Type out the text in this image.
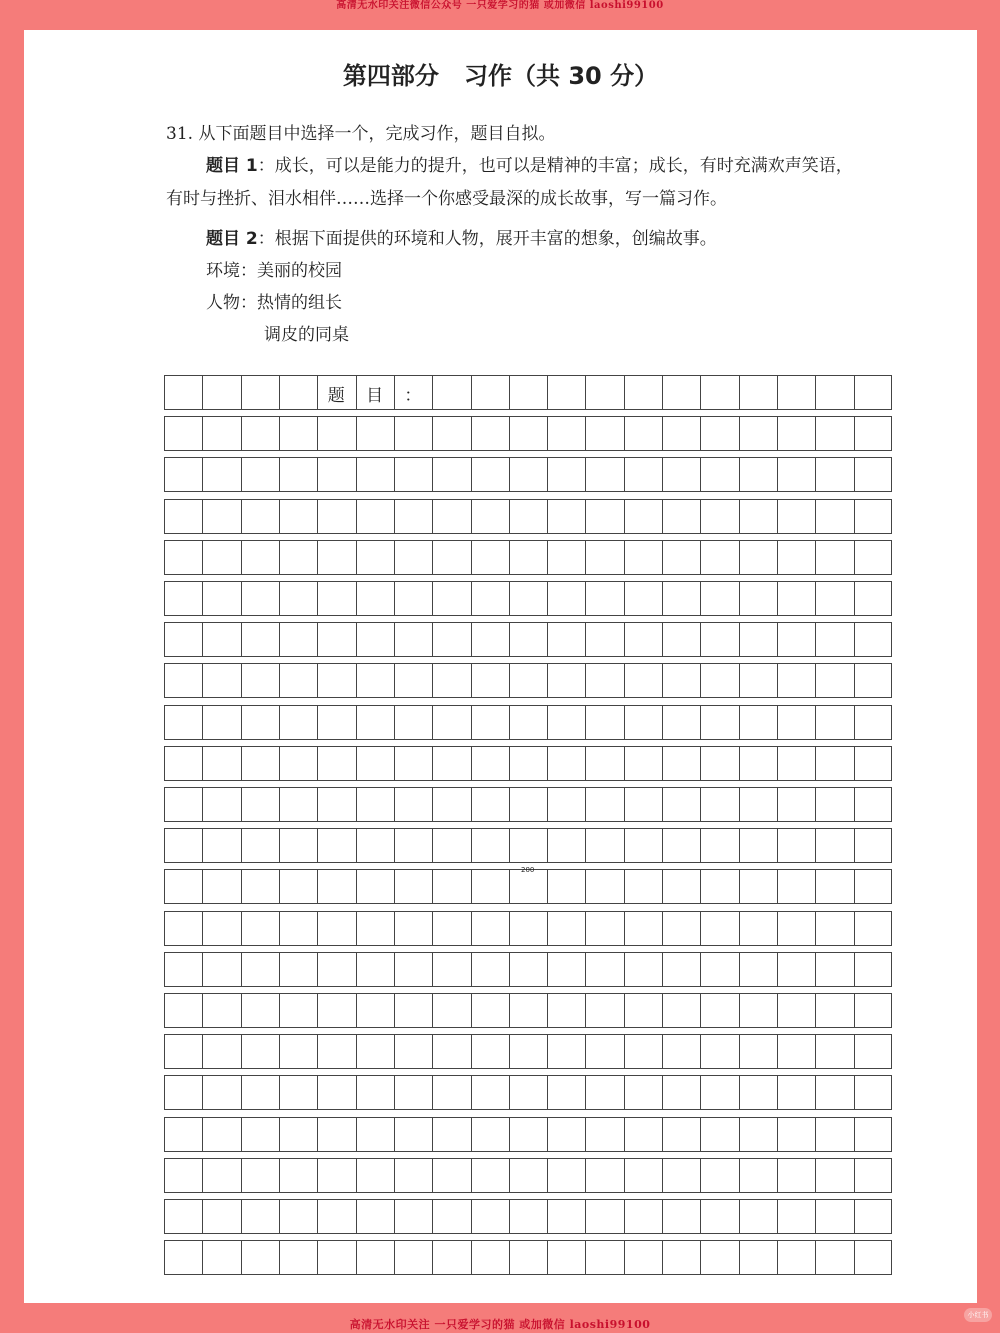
高清无水印关注微信公众号 一只爱学习的猫 或加微信 laoshi99100
第四部分   习作（共 30 分）
31. 从下面题目中选择一个，完成习作，题目自拟。
题目 1：成长，可以是能力的提升，也可以是精神的丰富；成长，有时充满欢声笑语，
有时与挫折、泪水相伴……选择一个你感受最深的成长故事，写一篇习作。
题目 2：根据下面提供的环境和人物，展开丰富的想象，创编故事。
环境：美丽的校园
人物：热情的组长
调皮的同桌
题	目	：
200
高清无水印关注 一只爱学习的猫 或加微信 laoshi99100
小红书
